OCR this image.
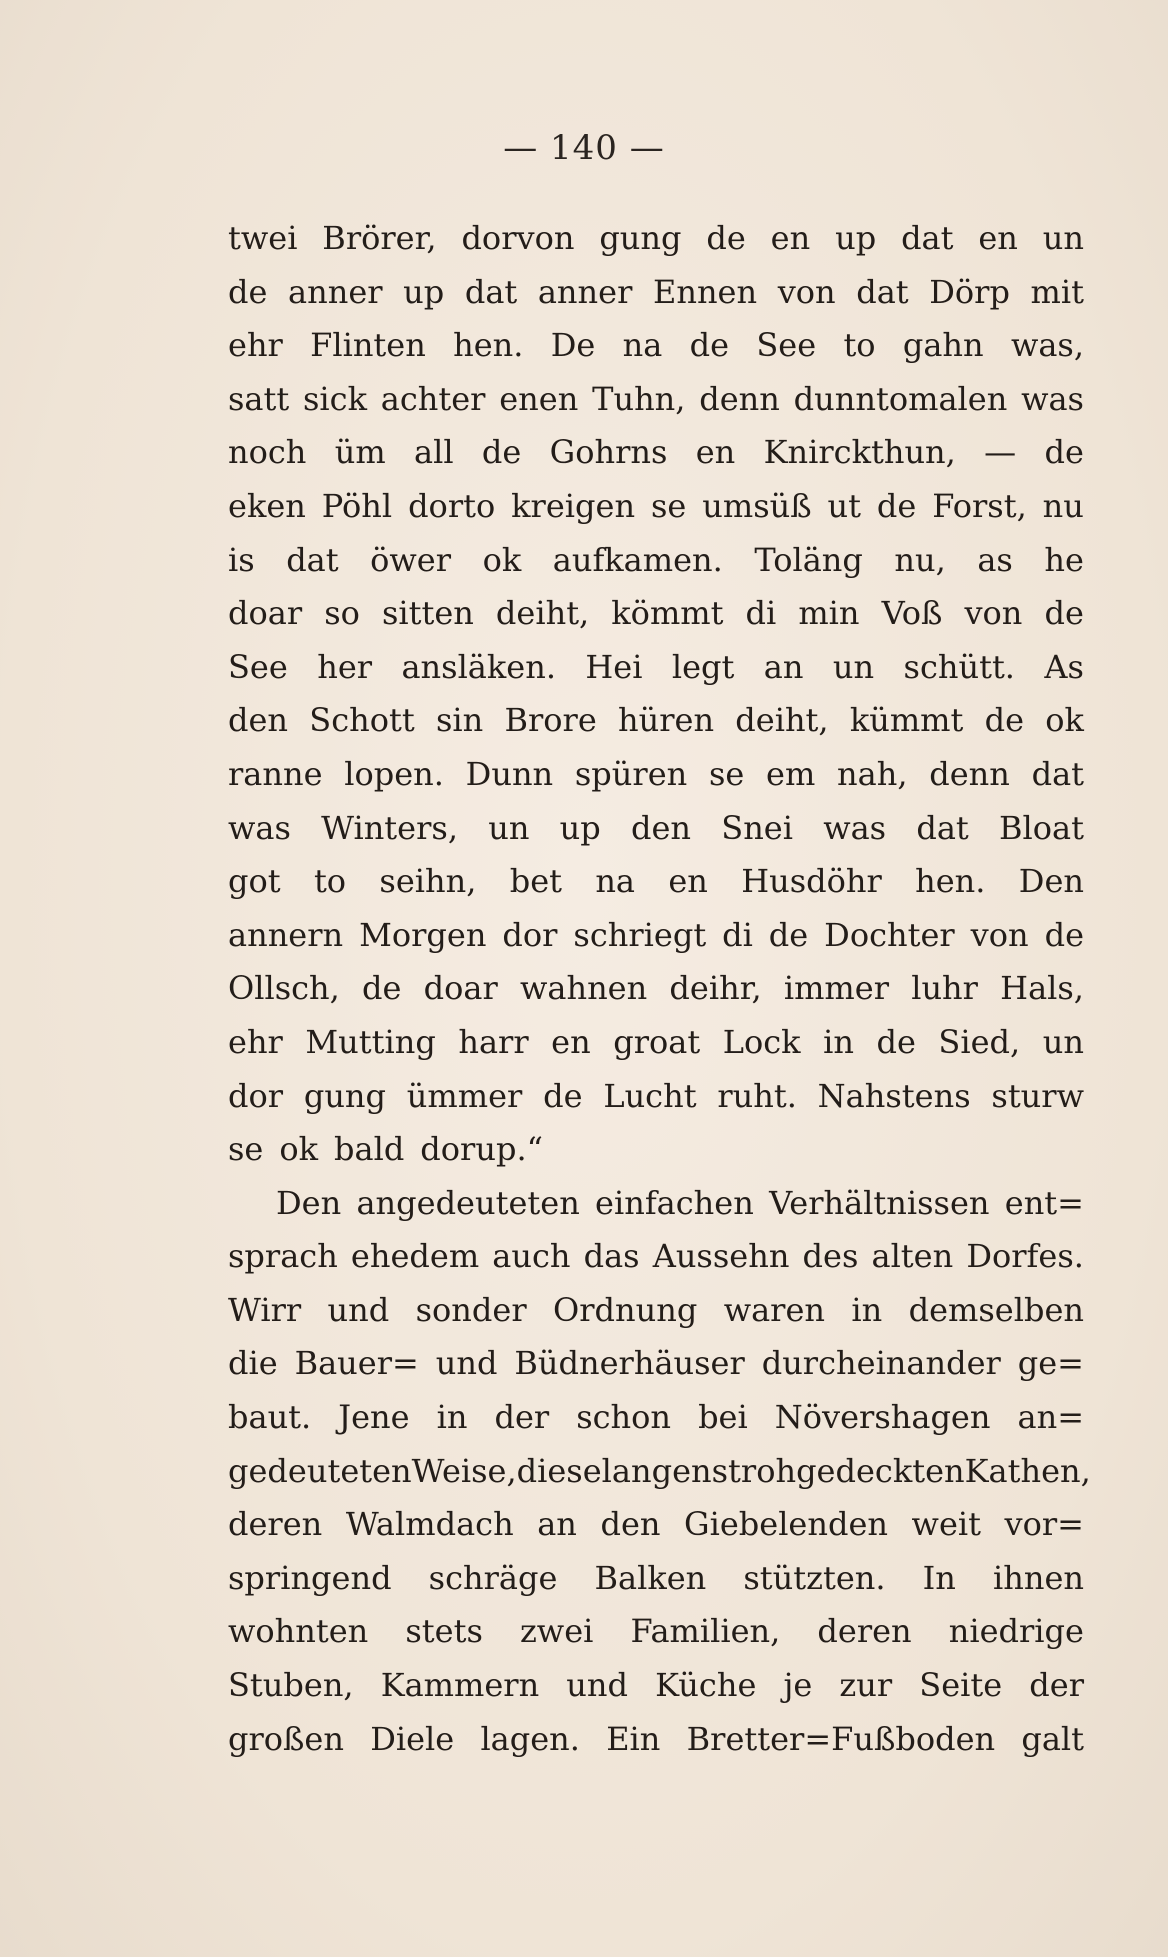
— 140 —
twei Brörer, dorvon gung de en up dat en un
de anner up dat anner Ennen von dat Dörp mit
ehr Flinten hen. De na de See to gahn was,
satt sick achter enen Tuhn, denn dunntomalen was
noch üm all de Gohrns en Knirckthun, — de
eken Pöhl dorto kreigen se umsüß ut de Forst, nu
is dat öwer ok aufkamen. Toläng nu, as he
doar so sitten deiht, kömmt di min Voß von de
See her ansläken. Hei legt an un schütt. As
den Schott sin Brore hüren deiht, kümmt de ok
ranne lopen. Dunn spüren se em nah, denn dat
was Winters, un up den Snei was dat Bloat
got to seihn, bet na en Husdöhr hen. Den
annern Morgen dor schriegt di de Dochter von de
Ollsch, de doar wahnen deihr, immer luhr Hals,
ehr Mutting harr en groat Lock in de Sied, un
dor gung ümmer de Lucht ruht. Nahstens sturw
se ok bald dorup.“
Den angedeuteten einfachen Verhältnissen ent=
sprach ehedem auch das Aussehn des alten Dorfes.
Wirr und sonder Ordnung waren in demselben
die Bauer= und Büdnerhäuser durcheinander ge=
baut. Jene in der schon bei Növershagen an=
gedeuteten Weise, diese langen strohgedeckten Kathen,
deren Walmdach an den Giebelenden weit vor=
springend schräge Balken stützten. In ihnen
wohnten stets zwei Familien, deren niedrige
Stuben, Kammern und Küche je zur Seite der
großen Diele lagen. Ein Bretter=Fußboden galt
